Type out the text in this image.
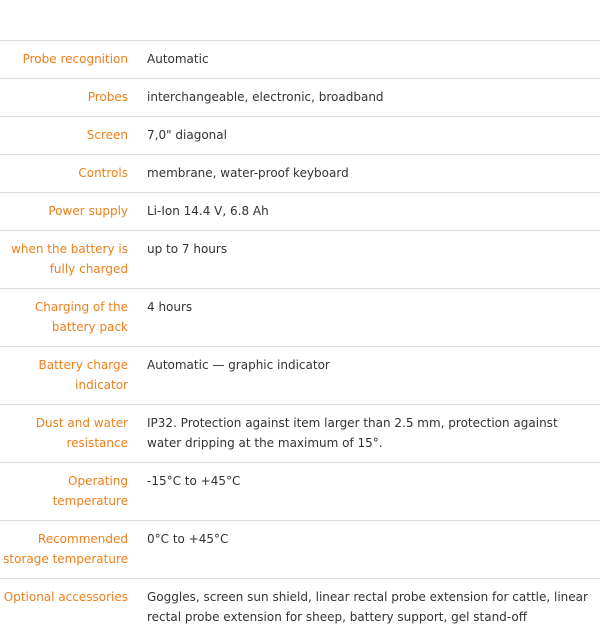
Probe recognition	Automatic
Probes	interchangeable, electronic, broadband
Screen	7,0" diagonal
Controls	membrane, water-proof keyboard
Power supply	Li-Ion 14.4 V, 6.8 Ah
when the battery is fully charged	up to 7 hours
Charging of the battery pack	4 hours
Battery charge indicator	Automatic — graphic indicator
Dust and water resistance	IP32. Protection against item larger than 2.5 mm, protection against water dripping at the maximum of 15°.
Operating temperature	-15°C to +45°C
Recommended storage temperature	0°C to +45°C
Optional accessories	Goggles, screen sun shield, linear rectal probe extension for cattle, linear rectal probe extension for sheep, battery support, gel stand-off
